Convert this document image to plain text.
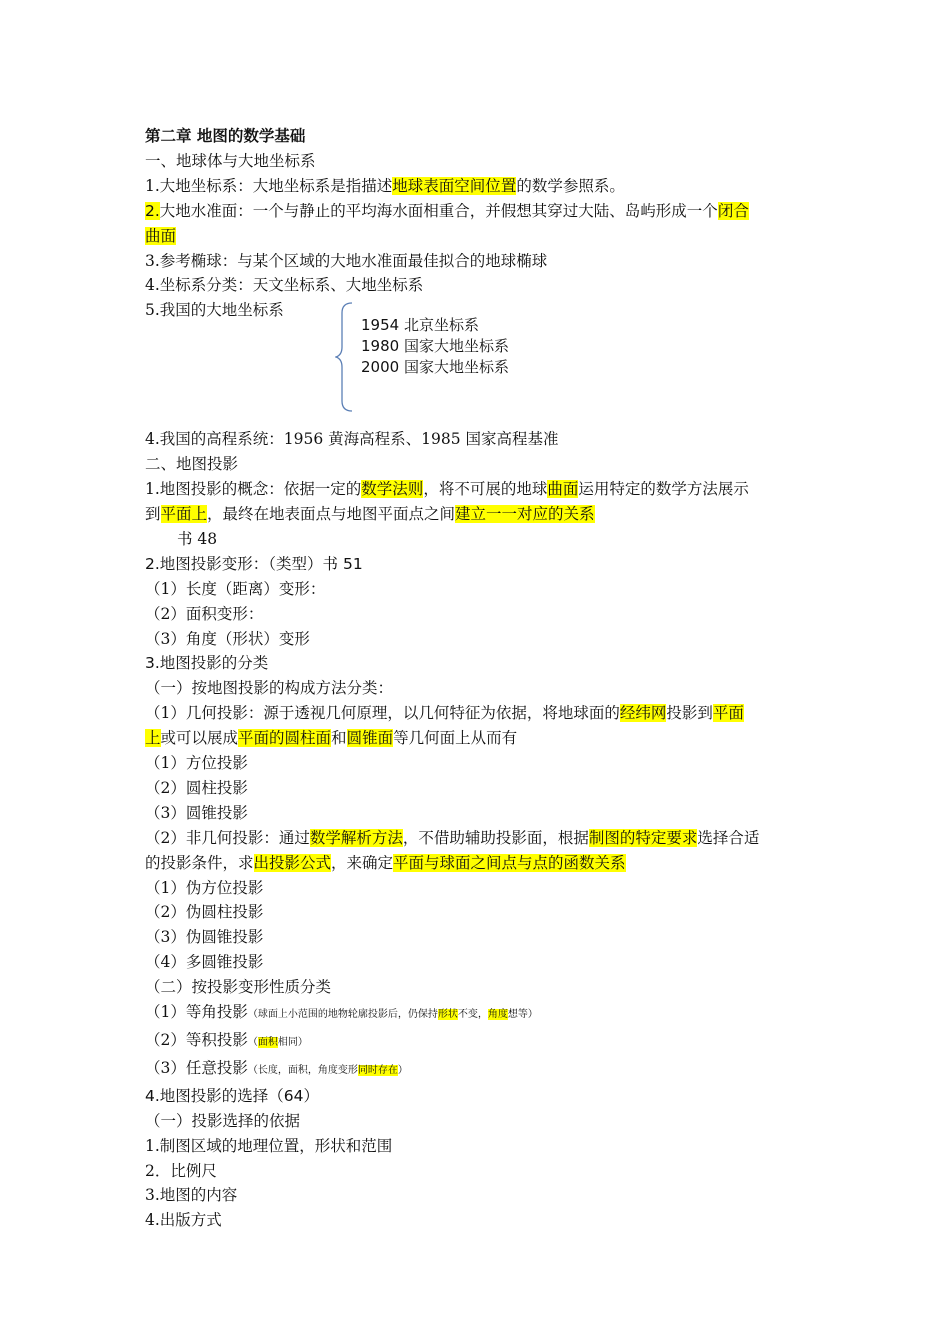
第二章 地图的数学基础
一、地球体与大地坐标系
1.大地坐标系：大地坐标系是指描述地球表面空间位置的数学参照系。
2.大地水准面：一个与静止的平均海水面相重合，并假想其穿过大陆、岛屿形成一个闭合
曲面
3.参考椭球：与某个区域的大地水准面最佳拟合的地球椭球
4.坐标系分类：天文坐标系、大地坐标系
5.我国的大地坐标系
1954 北京坐标系
1980 国家大地坐标系
2000 国家大地坐标系
4.我国的高程系统：1956 黄海高程系、1985 国家高程基准
二、地图投影
1.地图投影的概念：依据一定的数学法则，将不可展的地球曲面运用特定的数学方法展示
到平面上，最终在地表面点与地图平面点之间建立一一对应的关系
书 48
2.地图投影变形：（类型）书 51
（1）长度（距离）变形：
（2）面积变形：
（3）角度（形状）变形
3.地图投影的分类
（一）按地图投影的构成方法分类：
（1）几何投影：源于透视几何原理，以几何特征为依据，将地球面的经纬网投影到平面
上或可以展成平面的圆柱面和圆锥面等几何面上从而有
（1）方位投影
（2）圆柱投影
（3）圆锥投影
（2）非几何投影：通过数学解析方法，不借助辅助投影面，根据制图的特定要求选择合适
的投影条件，求出投影公式，来确定平面与球面之间点与点的函数关系
（1）伪方位投影
（2）伪圆柱投影
（3）伪圆锥投影
（4）多圆锥投影
（二）按投影变形性质分类
（1）等角投影（球面上小范围的地物轮廓投影后，仍保持形状不变，角度想等）
（2）等积投影（面积相同）
（3）任意投影（长度，面积，角度变形同时存在）
4.地图投影的选择（64）
（一）投影选择的依据
1.制图区域的地理位置，形状和范围
2．比例尺
3.地图的内容
4.出版方式
